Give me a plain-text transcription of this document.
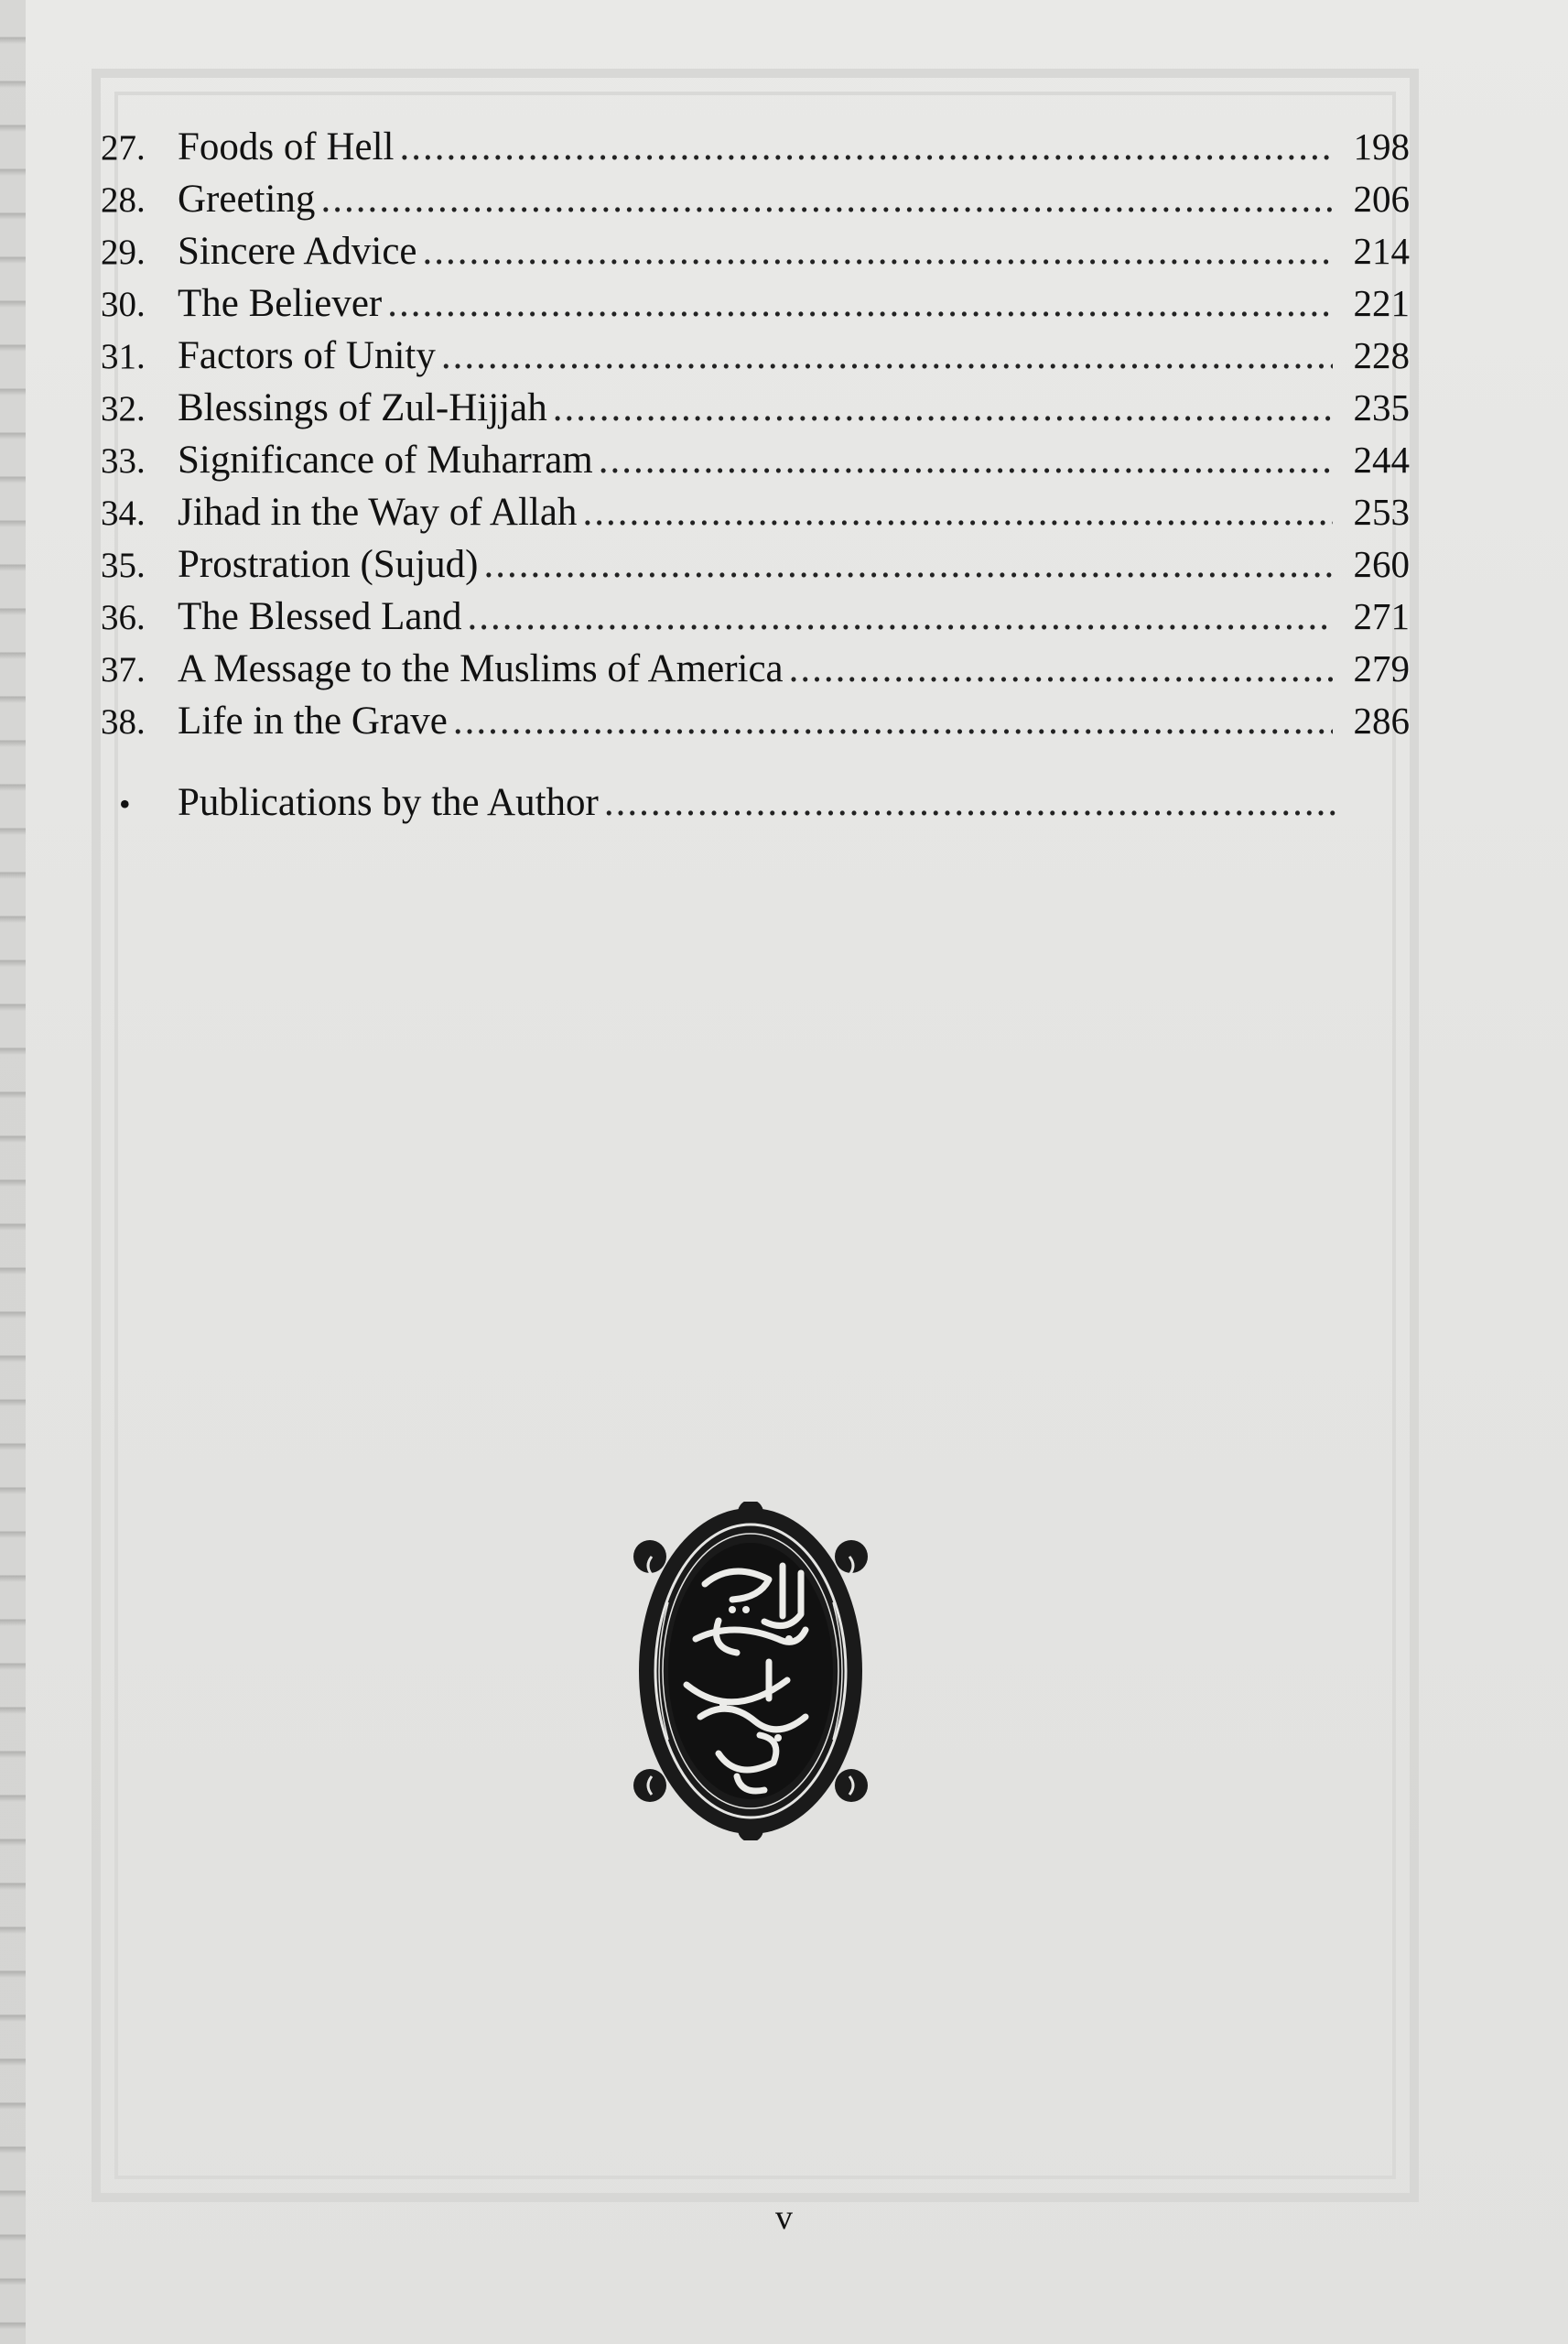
27. Foods of Hell .....	198
28. Greeting .....	206
29. Sincere Advice .....	214
30. The Believer .....	221
31. Factors of Unity .....	228
32. Blessings of Zul-Hijjah .....	235
33. Significance of Muharram .....	244
34. Jihad in the Way of Allah .....	253
35. Prostration (Sujud) .....	260
36. The Blessed Land .....	271
37. A Message to the Muslims of America .....	279
38. Life in the Grave .....	286
•	Publications by the Author
.....
v
